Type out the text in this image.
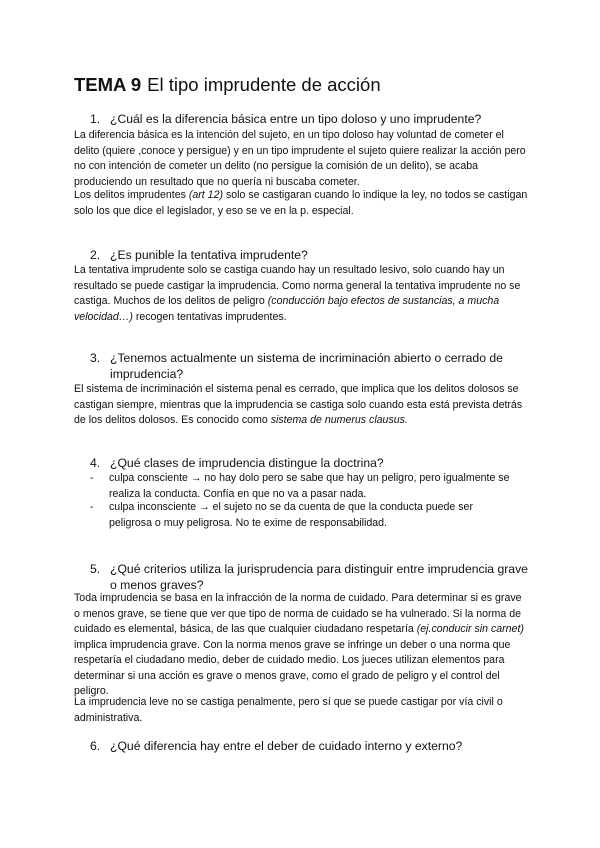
TEMA 9 El tipo imprudente de acción
1. ¿Cuál es la diferencia básica entre un tipo doloso y uno imprudente?
La diferencia básica es la intención del sujeto, en un tipo doloso hay voluntad de cometer el delito (quiere ,conoce y persigue) y en un tipo imprudente el sujeto quiere realizar la acción pero no con intención de cometer un delito (no persigue la comisión de un delito), se acaba produciendo un resultado que no quería ni buscaba cometer.
Los delitos imprudentes (art 12) solo se castigaran cuando lo indique la ley, no todos se castigan solo los que dice el legislador, y eso se ve en la p. especial.
2. ¿Es punible la tentativa imprudente?
La tentativa imprudente solo se castiga cuando hay un resultado lesivo, solo cuando hay un resultado se puede castigar la imprudencia. Como norma general la tentativa imprudente no se castiga. Muchos de los delitos de peligro (conducción bajo efectos de sustancias, a mucha velocidad…) recogen tentativas imprudentes.
3. ¿Tenemos actualmente un sistema de incriminación abierto o cerrado de imprudencia?
El sistema de incriminación el sistema penal es cerrado, que implica que los delitos dolosos se castigan siempre, mientras que la imprudencia se castiga solo cuando esta está prevista detrás de los delitos dolosos. Es conocido como sistema de numerus clausus.
4. ¿Qué clases de imprudencia distingue la doctrina?
- culpa consciente → no hay dolo pero se sabe que hay un peligro, pero igualmente se realiza la conducta. Confía en que no va a pasar nada.
- culpa inconsciente → el sujeto no se da cuenta de que la conducta puede ser peligrosa o muy peligrosa. No te exime de responsabilidad.
5. ¿Qué criterios utiliza la jurisprudencia para distinguir entre imprudencia grave o menos graves?
Toda imprudencia se basa en la infracción de la norma de cuidado. Para determinar si es grave o menos grave, se tiene que ver que tipo de norma de cuidado se ha vulnerado. Si la norma de cuidado es elemental, básica, de las que cualquier ciudadano respetaría (ej.conducir sin carnet) implica imprudencia grave. Con la norma menos grave se infringe un deber o una norma que respetaría el ciudadano medio, deber de cuidado medio. Los jueces utilizan elementos para determinar si una acción es grave o menos grave, como el grado de peligro y el control del peligro.
La imprudencia leve no se castiga penalmente, pero sí que se puede castigar por vía civil o administrativa.
6. ¿Qué diferencia hay entre el deber de cuidado interno y externo?
